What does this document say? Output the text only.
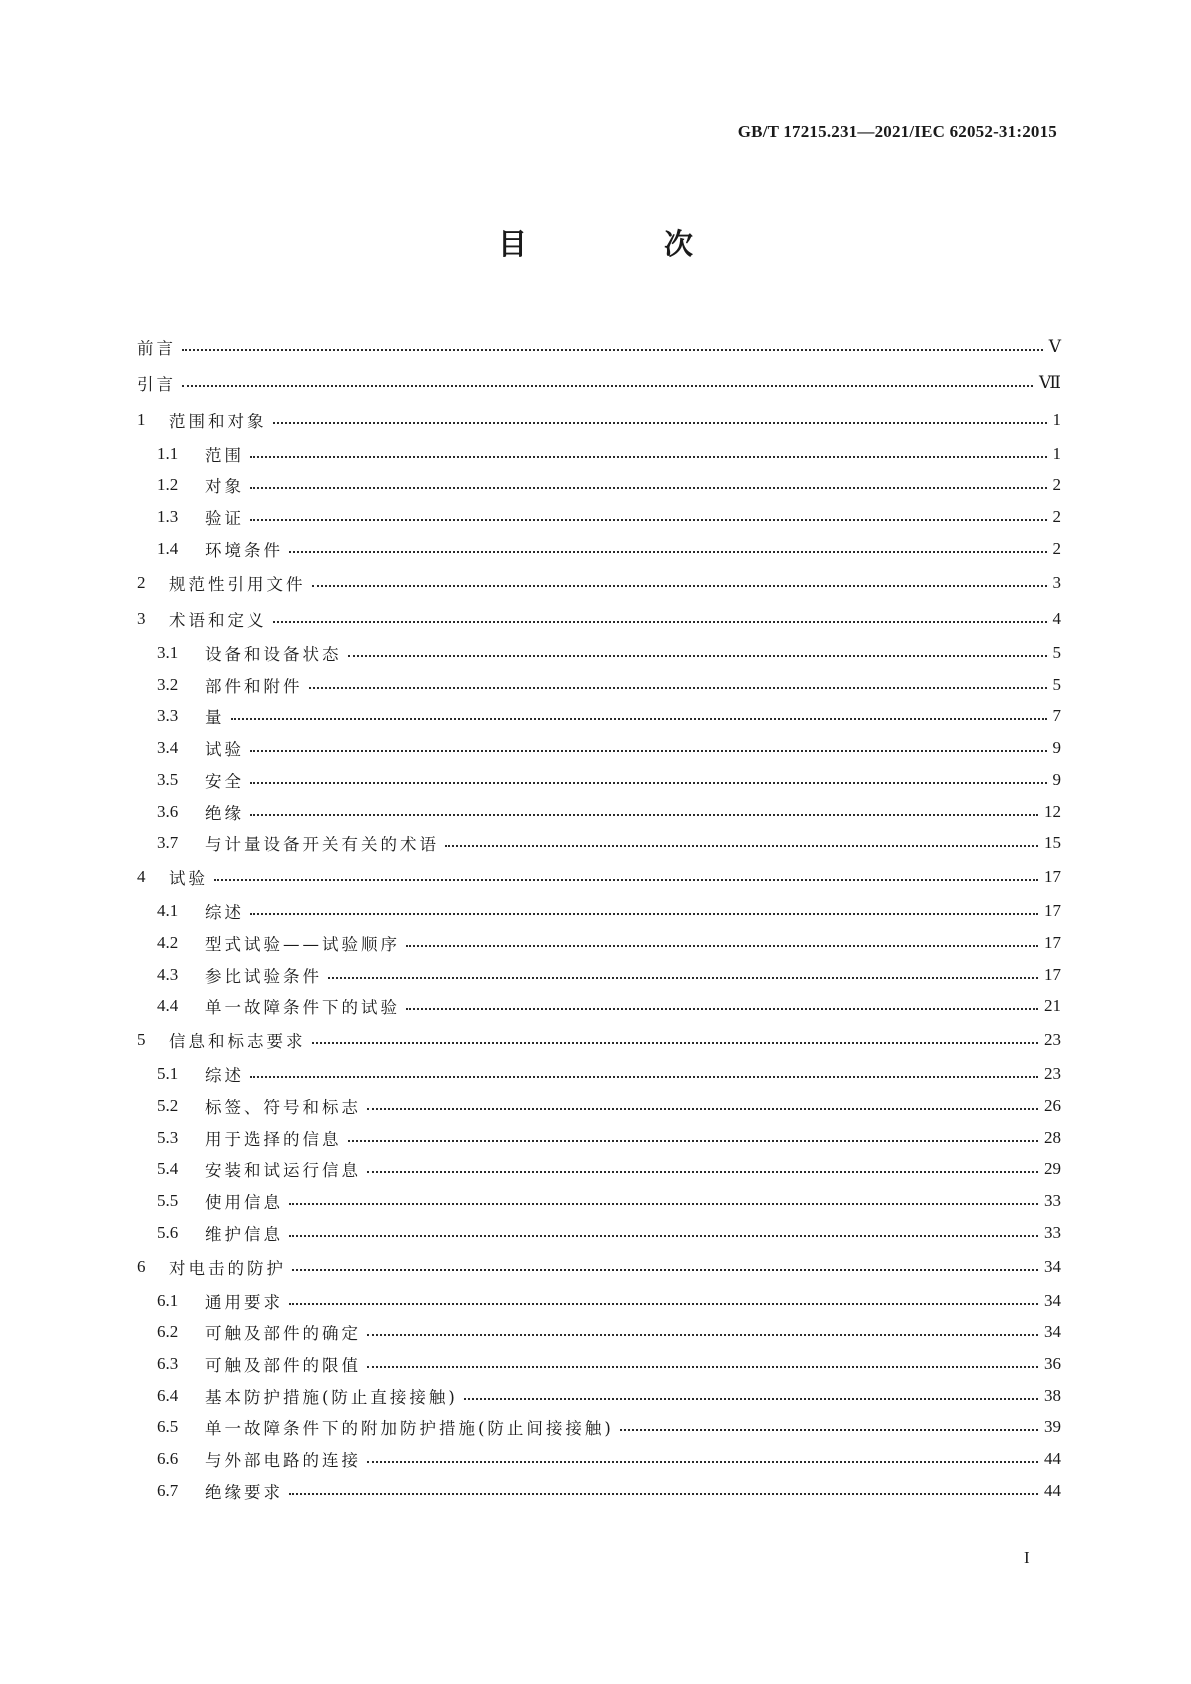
GB/T 17215.231—2021/IEC 62052-31:2015
目　次
前言	Ⅴ
引言	Ⅶ
1	范围和对象	1
1.1	范围	1
1.2	对象	2
1.3	验证	2
1.4	环境条件	2
2	规范性引用文件	3
3	术语和定义	4
3.1	设备和设备状态	5
3.2	部件和附件	5
3.3	量	7
3.4	试验	9
3.5	安全	9
3.6	绝缘	12
3.7	与计量设备开关有关的术语	15
4	试验	17
4.1	综述	17
4.2	型式试验——试验顺序	17
4.3	参比试验条件	17
4.4	单一故障条件下的试验	21
5	信息和标志要求	23
5.1	综述	23
5.2	标签、符号和标志	26
5.3	用于选择的信息	28
5.4	安装和试运行信息	29
5.5	使用信息	33
5.6	维护信息	33
6	对电击的防护	34
6.1	通用要求	34
6.2	可触及部件的确定	34
6.3	可触及部件的限值	36
6.4	基本防护措施(防止直接接触)	38
6.5	单一故障条件下的附加防护措施(防止间接接触)	39
6.6	与外部电路的连接	44
6.7	绝缘要求	44
I
